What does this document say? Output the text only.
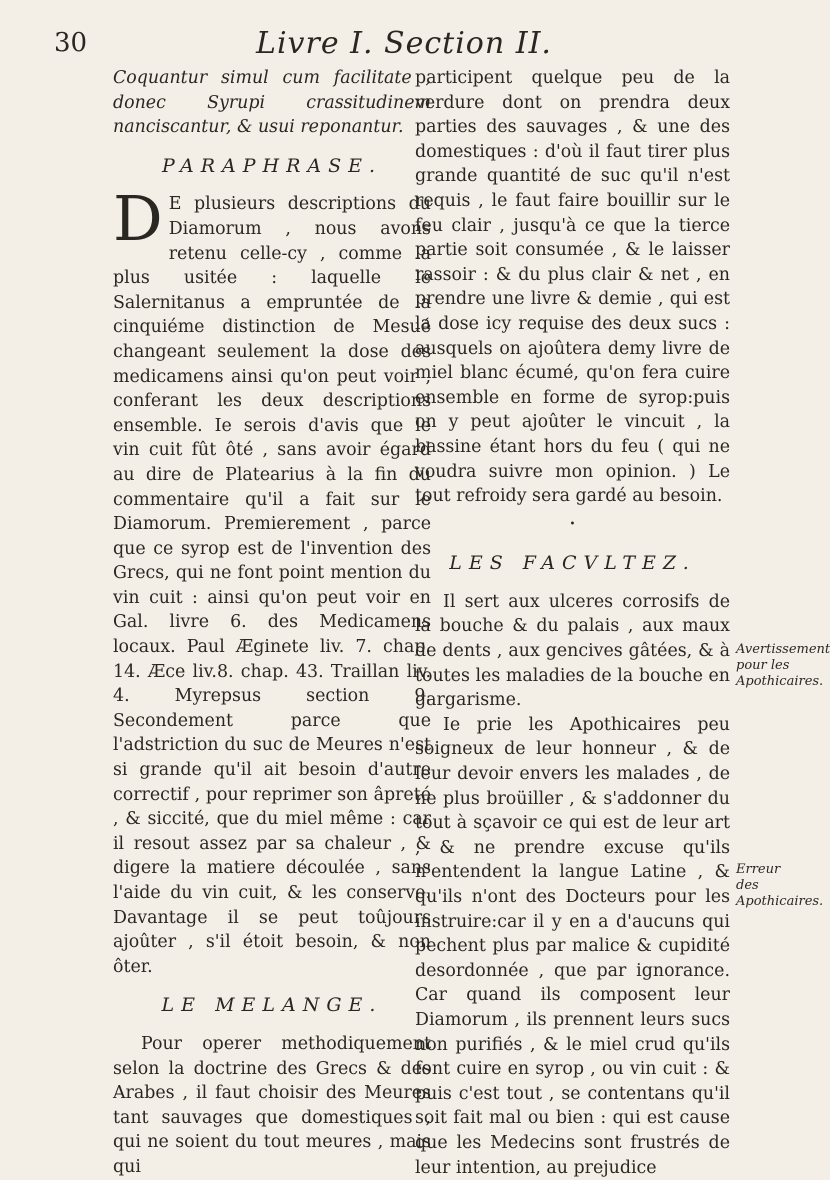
30	Livre I. Section II.

Coquantur simul cum facilitate , donec Syrupi crassitudinem nanciscantur, & usui reponantur.

PARAPHRASE.

D E plusieurs descriptions du Diamorum , nous avons retenu celle-cy , comme la plus usitée : laquelle le Salernitanus a empruntée de la cinquiéme distinction de Mesué changeant seulement la dose des medicamens ainsi qu'on peut voir , conferant les deux descriptions ensemble. Ie serois d'avis que le vin cuit fût ôté , sans avoir égard au dire de Platearius à la fin du commentaire qu'il a fait sur le Diamorum. Premierement , parce que ce syrop est de l'invention des Grecs, qui ne font point mention du vin cuit : ainsi qu'on peut voir en Gal. livre 6. des Medicamens locaux. Paul Æginete liv. 7. chap. 14. Æce liv.8. chap. 43. Traillan liv. 4. Myrepsus section 9. Secondement parce que l'adstriction du suc de Meures n'est si grande qu'il ait besoin d'autre correctif , pour reprimer son âpreté , & siccité, que du miel même : car il resout assez par sa chaleur , & digere la matiere découlée , sans l'aide du vin cuit, & les conserve. Davantage il se peut toûjours ajoûter , s'il étoit besoin, & non ôter.

LE MELANGE.

Pour operer methodiquement selon la doctrine des Grecs & des Arabes , il faut choisir des Meures tant sauvages que domestiques , qui ne soient du tout meures , mais qui

participent quelque peu de la verdure dont on prendra deux parties des sauvages , & une des domestiques : d'où il faut tirer plus grande quantité de suc qu'il n'est requis , le faut faire bouillir sur le feu clair , jusqu'à ce que la tierce partie soit consumée , & le laisser rassoir : & du plus clair & net , en prendre une livre & demie , qui est la dose icy requise des deux sucs : ausquels on ajoûtera demy livre de miel blanc écumé, qu'on fera cuire ensemble en forme de syrop:puis on y peut ajoûter le vincuit , la bassine étant hors du feu ( qui ne voudra suivre mon opinion. ) Le tout refroidy sera gardé au besoin.

•
LES FACVLTEZ.

Il sert aux ulceres corrosifs de la bouche & du palais , aux maux de dents , aux gencives gâtées, & à toutes les maladies de la bouche en gargarisme.

Ie prie les Apothicaires peu soigneux de leur honneur , & de leur devoir envers les malades , de ne plus broüiller , & s'addonner du tout à sçavoir ce qui est de leur art , & ne prendre excuse qu'ils n'entendent la langue Latine , & qu'ils n'ont des Docteurs pour les instruire:car il y en a d'aucuns qui pechent plus par malice & cupidité desordonnée , que par ignorance. Car quand ils composent leur Diamorum , ils prennent leurs sucs non purifiés , & le miel crud qu'ils font cuire en syrop , ou vin cuit : & puis c'est tout , se contentans qu'il soit fait mal ou bien : qui est cause que les Medecins sont frustrés de leur intention, au prejudice

Avertissement pour les Apothicaires.
Erreur des Apothicaires.
